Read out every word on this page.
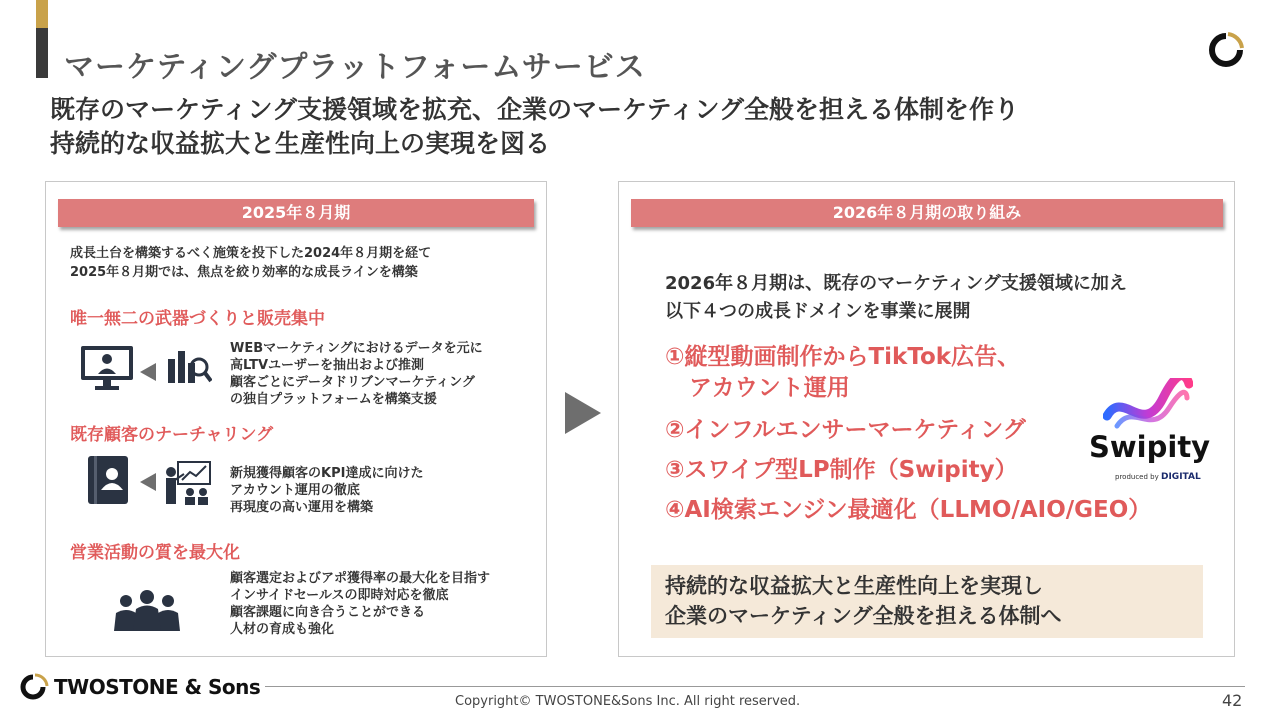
マーケティングプラットフォームサービス
既存のマーケティング支援領域を拡充、企業のマーケティング全般を担える体制を作り
持続的な収益拡大と生産性向上の実現を図る
2025年８月期
成長土台を構築するべく施策を投下した2024年８月期を経て
2025年８月期では、焦点を絞り効率的な成長ラインを構築
唯一無二の武器づくりと販売集中
WEBマーケティングにおけるデータを元に
高LTVユーザーを抽出および推測
顧客ごとにデータドリブンマーケティング
の独自プラットフォームを構築支援
既存顧客のナーチャリング
新規獲得顧客のKPI達成に向けた
アカウント運用の徹底
再現度の高い運用を構築
営業活動の質を最大化
顧客選定およびアポ獲得率の最大化を目指す
インサイドセールスの即時対応を徹底
顧客課題に向き合うことができる
人材の育成も強化
2026年８月期の取り組み
2026年８月期は、既存のマーケティング支援領域に加え
以下４つの成長ドメインを事業に展開
①縦型動画制作からTikTok広告、
アカウント運用
②インフルエンサーマーケティング
③スワイプ型LP制作（Swipity）
④AI検索エンジン最適化（LLMO/AIO/GEO）
Swipity
produced by DIGITAL
持続的な収益拡大と生産性向上を実現し
企業のマーケティング全般を担える体制へ
TWOSTONE & Sons
Copyright© TWOSTONE&Sons Inc. All right reserved.	42
